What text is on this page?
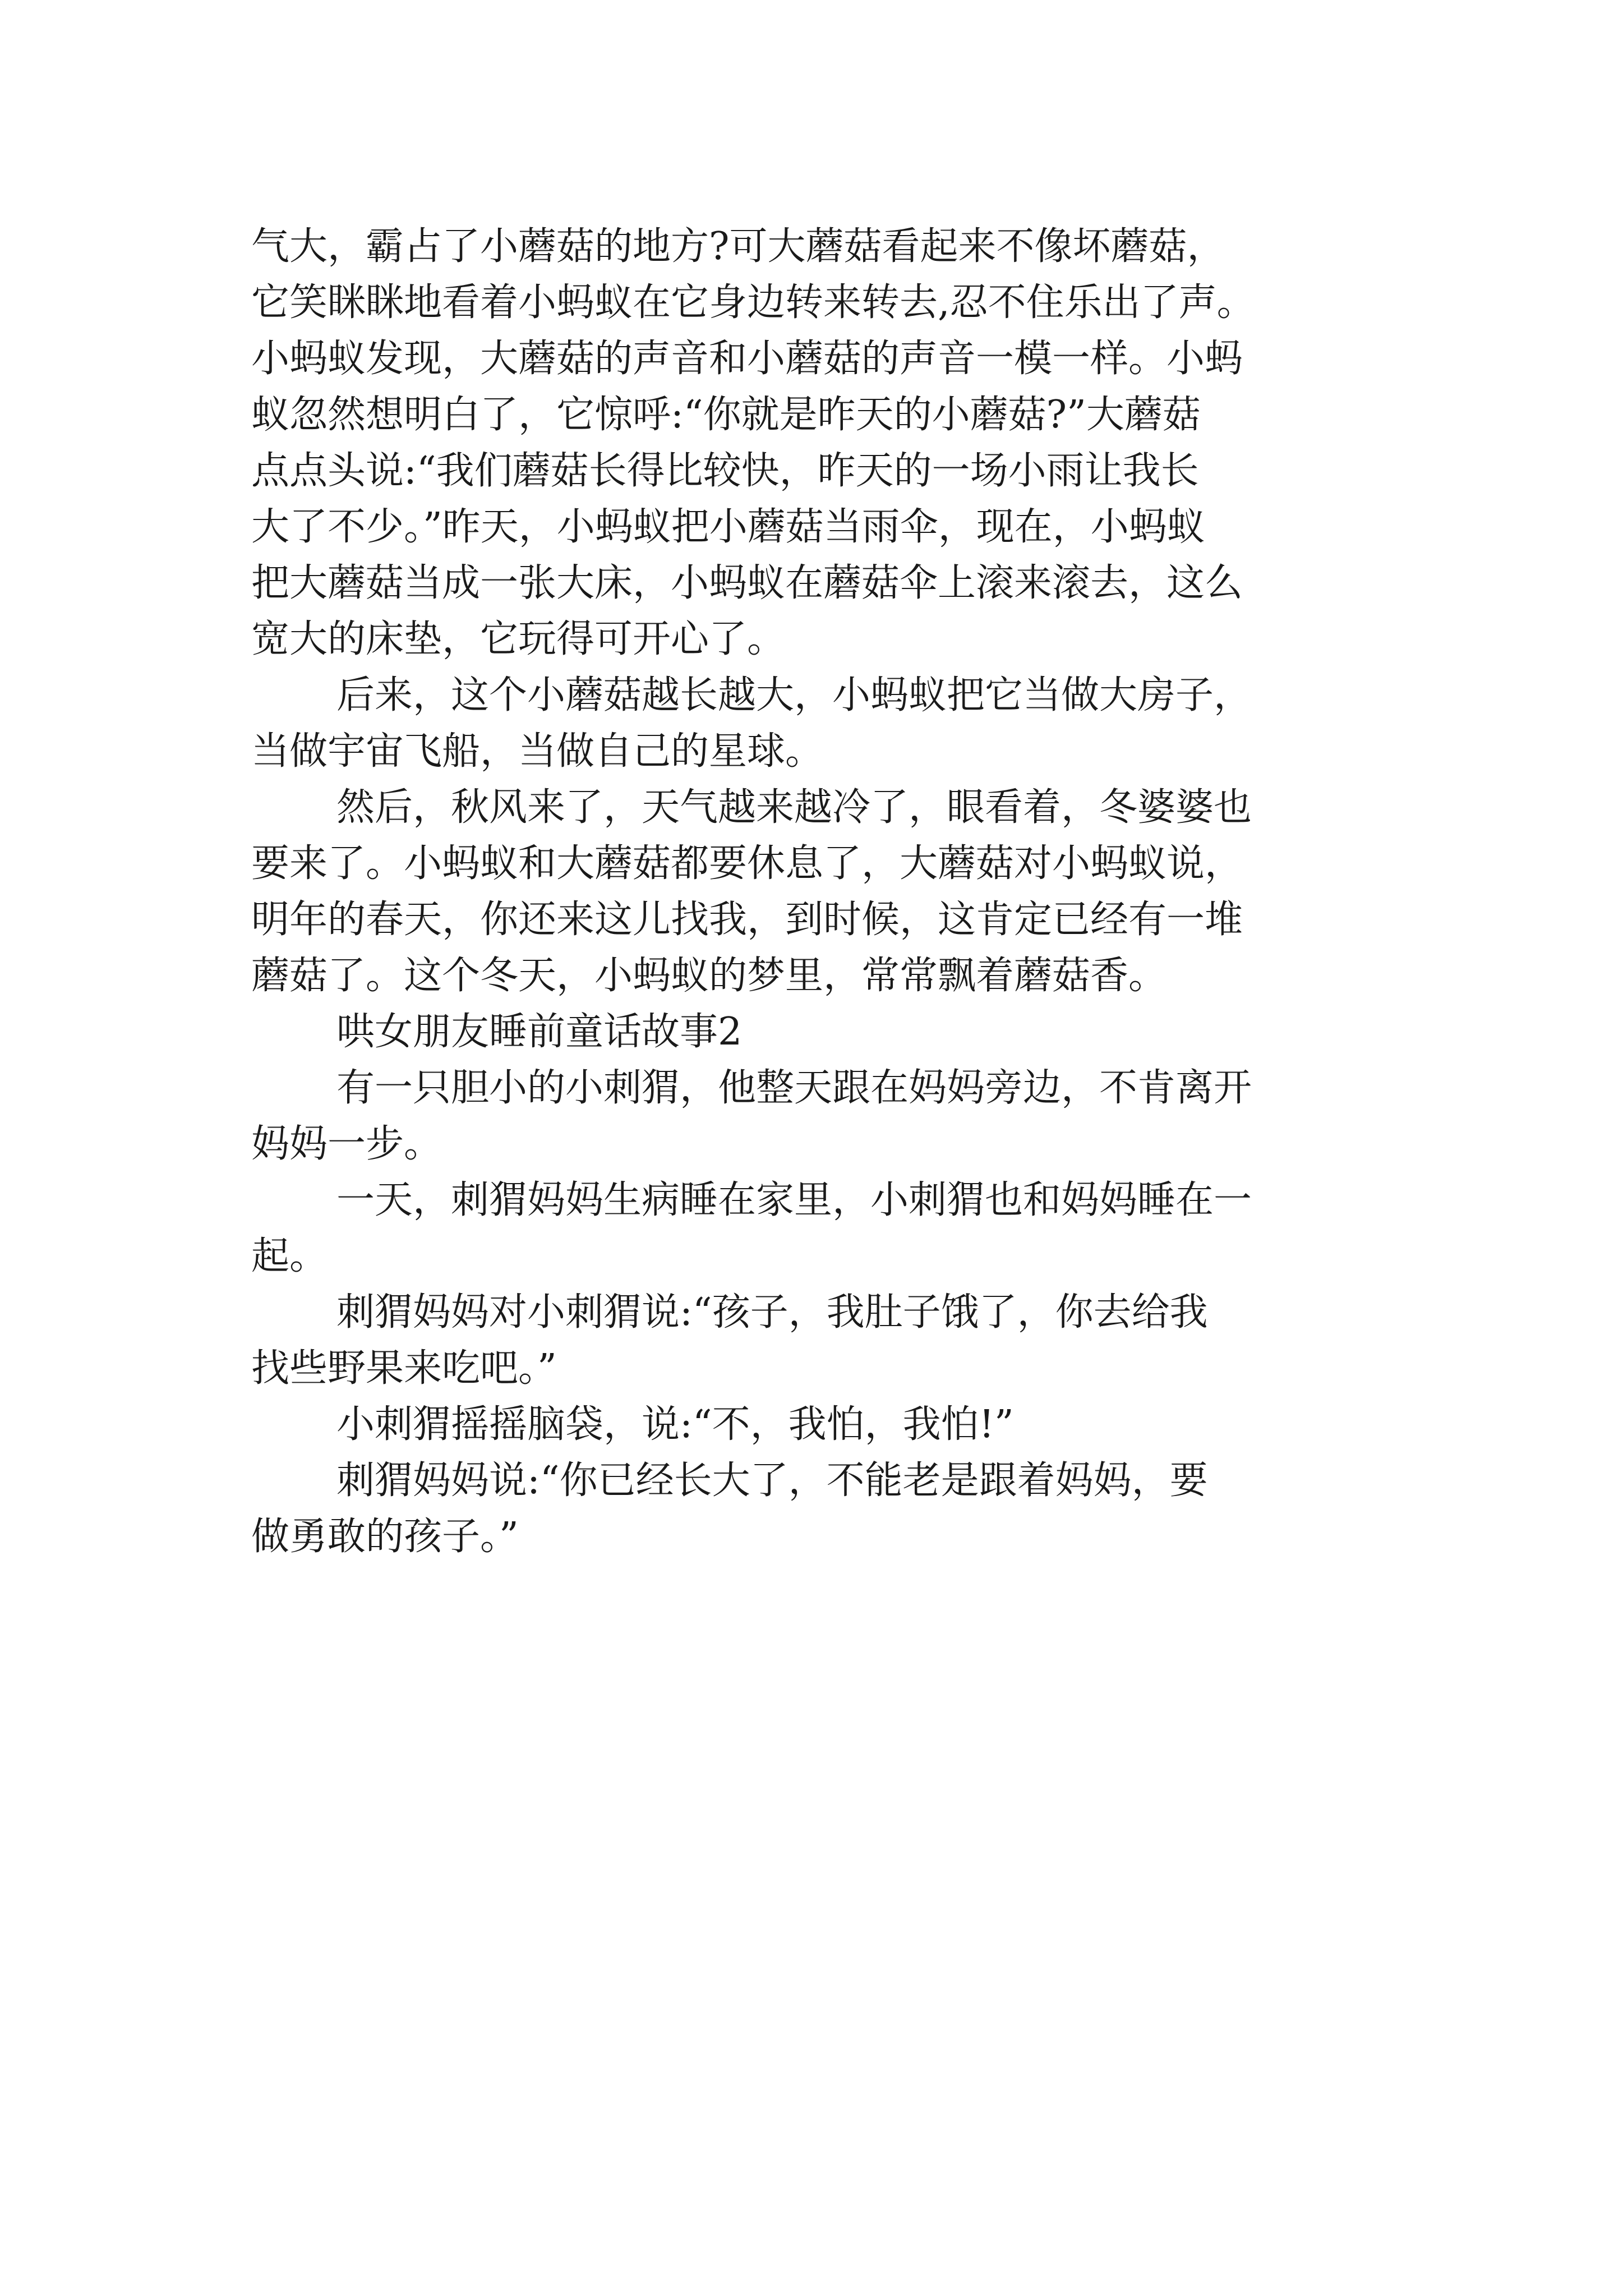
气大，霸占了小蘑菇的地方?可大蘑菇看起来不像坏蘑菇，
它笑眯眯地看着小蚂蚁在它身边转来转去,忍不住乐出了声。
小蚂蚁发现，大蘑菇的声音和小蘑菇的声音一模一样。小蚂
蚁忽然想明白了，它惊呼:“你就是昨天的小蘑菇?”大蘑菇
点点头说:“我们蘑菇长得比较快，昨天的一场小雨让我长
大了不少。”昨天，小蚂蚁把小蘑菇当雨伞，现在，小蚂蚁
把大蘑菇当成一张大床，小蚂蚁在蘑菇伞上滚来滚去，这么
宽大的床垫，它玩得可开心了。
后来，这个小蘑菇越长越大，小蚂蚁把它当做大房子，
当做宇宙飞船，当做自己的星球。
然后，秋风来了，天气越来越冷了，眼看着，冬婆婆也
要来了。小蚂蚁和大蘑菇都要休息了，大蘑菇对小蚂蚁说，
明年的春天，你还来这儿找我，到时候，这肯定已经有一堆
蘑菇了。这个冬天，小蚂蚁的梦里，常常飘着蘑菇香。
哄女朋友睡前童话故事2
有一只胆小的小刺猬，他整天跟在妈妈旁边，不肯离开
妈妈一步。
一天，刺猬妈妈生病睡在家里，小刺猬也和妈妈睡在一
起。
刺猬妈妈对小刺猬说:“孩子，我肚子饿了，你去给我
找些野果来吃吧。”
小刺猬摇摇脑袋，说:“不，我怕，我怕!”
刺猬妈妈说:“你已经长大了，不能老是跟着妈妈，要
做勇敢的孩子。”
